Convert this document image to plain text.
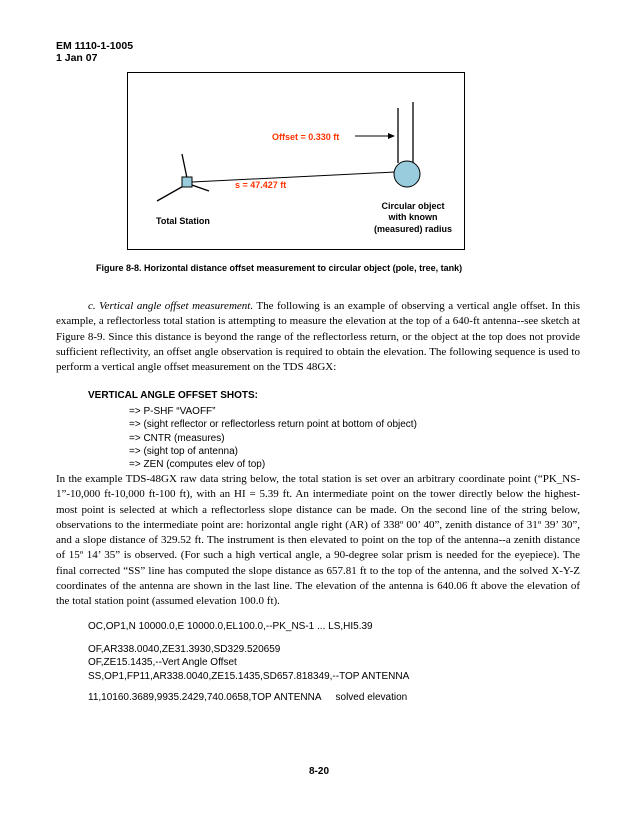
EM 1110-1-1005
1 Jan 07
Offset = 0.330 ft
s = 47.427 ft
Total Station
Circular object
with known
(measured) radius
Figure 8-8. Horizontal distance offset measurement to circular object (pole, tree, tank)

c. Vertical angle offset measurement. The following is an example of observing a vertical angle offset. In this example, a reflectorless total station is attempting to measure the elevation at the top of a 640-ft antenna--see sketch at Figure 8-9. Since this distance is beyond the range of the reflectorless return, or the object at the top does not provide sufficient reflectivity, an offset angle observation is required to obtain the elevation. The following sequence is used to perform a vertical angle offset measurement on the TDS 48GX:

VERTICAL ANGLE OFFSET SHOTS:
=> P-SHF “VAOFF”
=> (sight reflector or reflectorless return point at bottom of object)
=> CNTR (measures)
=> (sight top of antenna)
=> ZEN (computes elev of top)

In the example TDS-48GX raw data string below, the total station is set over an arbitrary coordinate point (“PK_NS-1”-10,000 ft-10,000 ft-100 ft), with an HI = 5.39 ft. An intermediate point on the tower directly below the highest-most point is selected at which a reflectorless slope distance can be made. On the second line of the string below, observations to the intermediate point are: horizontal angle right (AR) of 338º 00’ 40”, zenith distance of 31º 39’ 30”, and a slope distance of 329.52 ft. The instrument is then elevated to point on the top of the antenna--a zenith distance of 15º 14’ 35” is observed. (For such a high vertical angle, a 90-degree solar prism is needed for the eyepiece). The final corrected “SS” line has computed the slope distance as 657.81 ft to the top of the antenna, and the solved X-Y-Z coordinates of the antenna are shown in the last line. The elevation of the antenna is 640.06 ft above the elevation of the total station point (assumed elevation 100.0 ft).

OC,OP1,N 10000.0,E 10000.0,EL100.0,--PK_NS-1 ... LS,HI5.39
OF,AR338.0040,ZE31.3930,SD329.520659
OF,ZE15.1435,--Vert Angle Offset
SS,OP1,FP11,AR338.0040,ZE15.1435,SD657.818349,--TOP ANTENNA
11,10160.3689,9935.2429,740.0658,TOP ANTENNA solved elevation
8-20
